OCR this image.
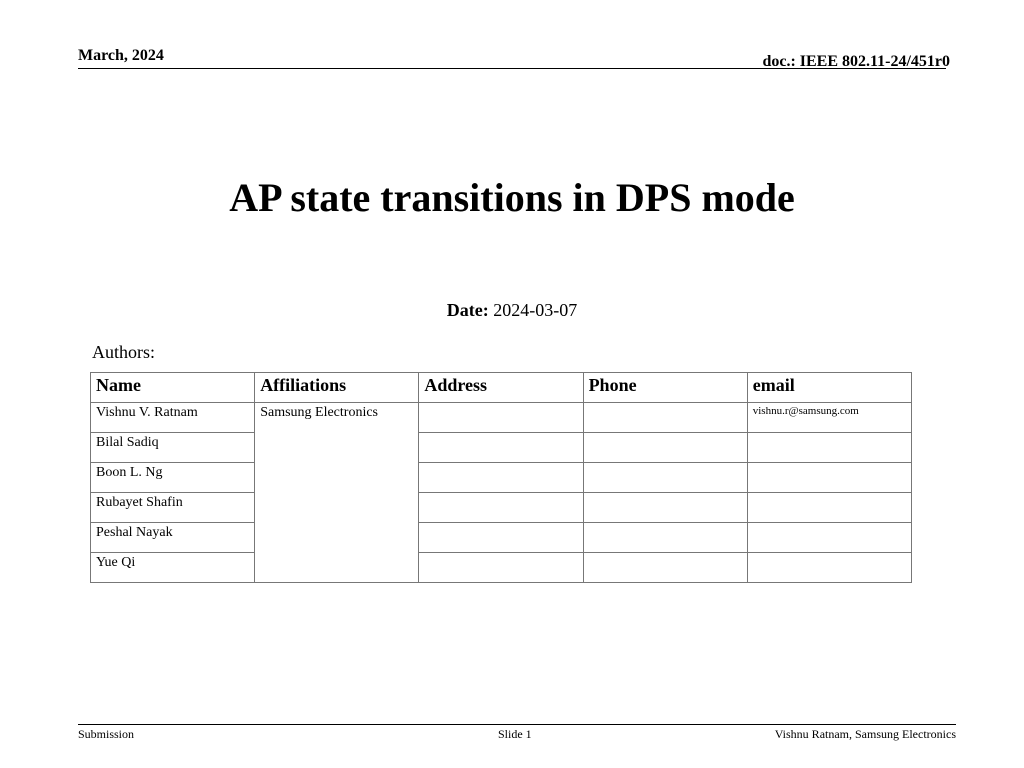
March, 2024	doc.: IEEE 802.11-24/451r0
AP state transitions in DPS mode
Date: 2024-03-07
Authors:
Name	Affiliations	Address	Phone	email
Vishnu V. Ratnam	Samsung Electronics			vishnu.r@samsung.com
Bilal Sadiq				
Boon L. Ng				
Rubayet Shafin				
Peshal Nayak				
Yue Qi				
Submission	Slide 1	Vishnu Ratnam, Samsung Electronics
